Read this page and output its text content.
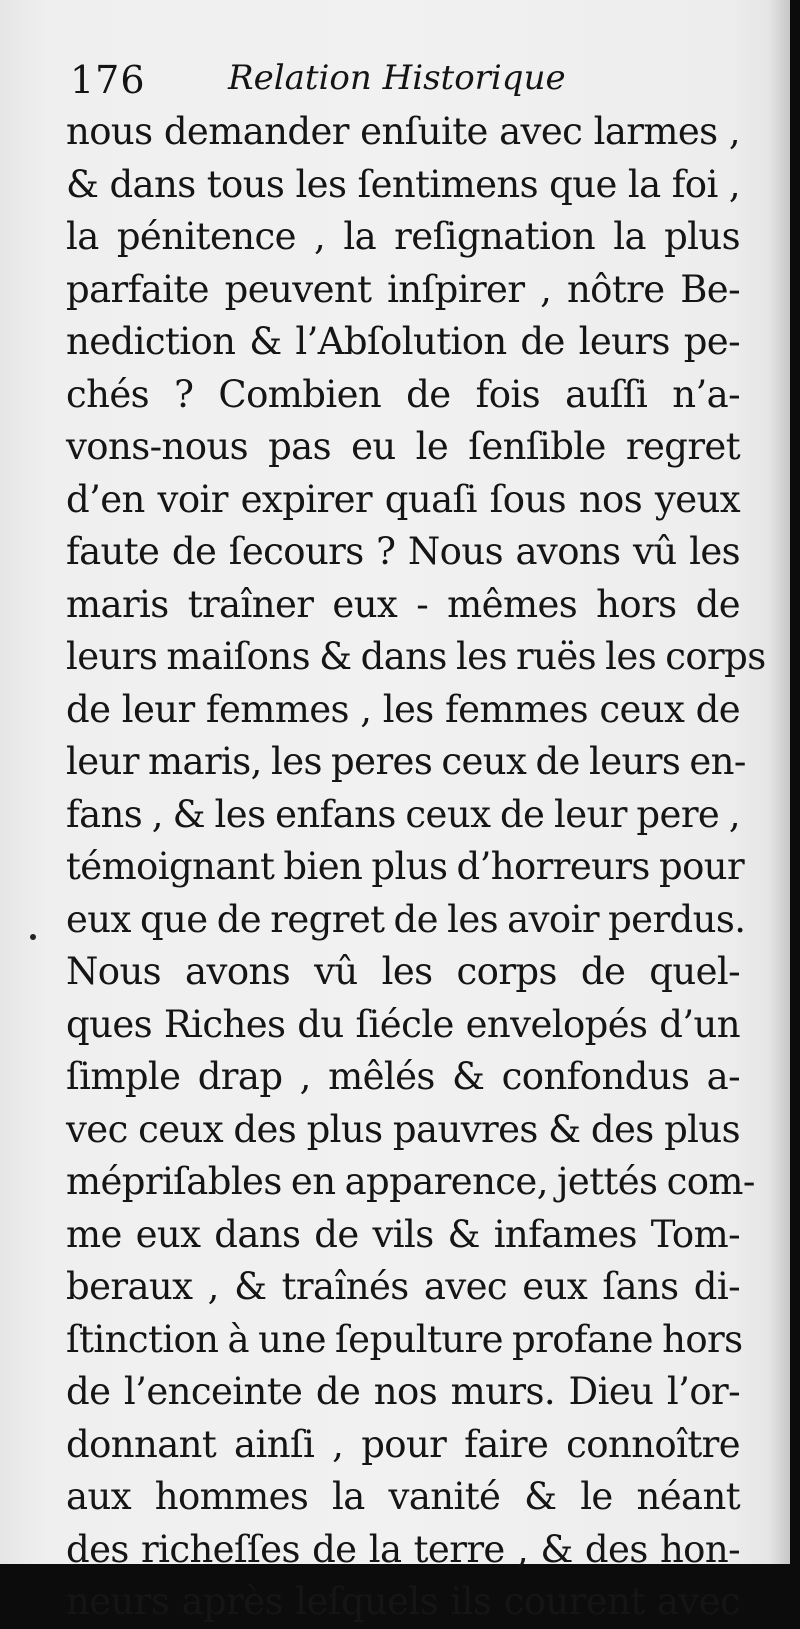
176 Relation Historique
nous demander enſuite avec larmes ,
& dans tous les ſentimens que la foi ,
la pénitence , la reſignation la plus
parfaite peuvent inſpirer , nôtre Be-
nediction & l’Abſolution de leurs pe-
chés ? Combien de fois auſſi n’a-
vons-nous pas eu le ſenſible regret
d’en voir expirer quaſi ſous nos yeux
faute de ſecours ? Nous avons vû les
maris traîner eux - mêmes hors de
leurs maiſons & dans les ruës les corps
de leur femmes , les femmes ceux de
leur maris, les peres ceux de leurs en-
fans , & les enfans ceux de leur pere ,
témoignant bien plus d’horreurs pour
eux que de regret de les avoir perdus.
Nous avons vû les corps de quel-
ques Riches du ſiécle envelopés d’un
ſimple drap , mêlés & confondus a-
vec ceux des plus pauvres & des plus
mépriſables en apparence, jettés com-
me eux dans de vils & infames Tom-
beraux , & traînés avec eux ſans di-
ſtinction à une ſepulture profane hors
de l’enceinte de nos murs. Dieu l’or-
donnant ainſi , pour faire connoître
aux hommes la vanité & le néant
des richeſſes de la terre , & des hon-
neurs après leſquels ils courent avec
